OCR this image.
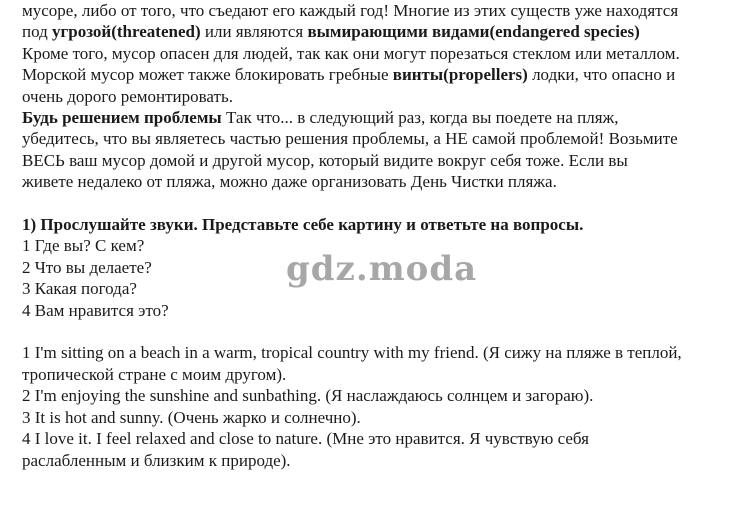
мусоре, либо от того, что съедают его каждый год! Многие из этих существ уже находятся
под угрозой(threatened) или являются вымирающими видами(endangered species)
Кроме того, мусор опасен для людей, так как они могут порезаться стеклом или металлом.
Морской мусор может также блокировать гребные винты(propellers) лодки, что опасно и
очень дорого ремонтировать.
Будь решением проблемы Так что... в следующий раз, когда вы поедете на пляж,
убедитесь, что вы являетесь частью решения проблемы, а НЕ самой проблемой! Возьмите
ВЕСЬ ваш мусор домой и другой мусор, который видите вокруг себя тоже. Если вы
живете недалеко от пляжа, можно даже организовать День Чистки пляжа.
1) Прослушайте звуки. Представьте себе картину и ответьте на вопросы.
1 Где вы? С кем?
2 Что вы делаете?
3 Какая погода?
4 Вам нравится это?
1 I'm sitting on a beach in a warm, tropical country with my friend. (Я сижу на пляже в теплой,
тропической стране с моим другом).
2 I'm enjoying the sunshine and sunbathing. (Я наслаждаюсь солнцем и загораю).
3 It is hot and sunny. (Очень жарко и солнечно).
4 I love it. I feel relaxed and close to nature. (Мне это нравится. Я чувствую себя
раслабленным и близким к природе).
gdz.moda
